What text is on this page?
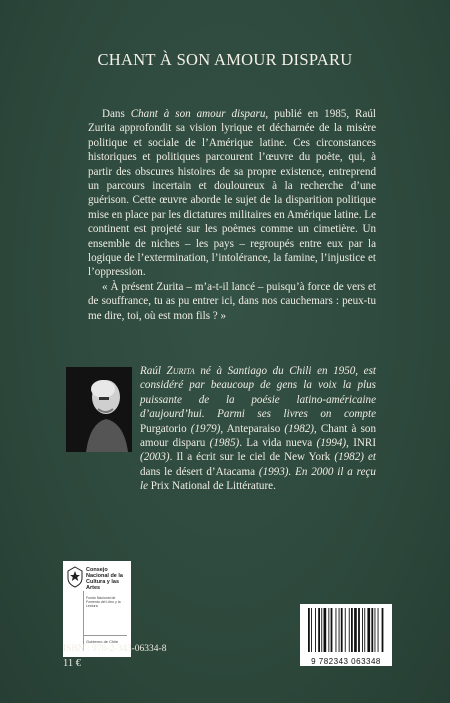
CHANT À SON AMOUR DISPARU

Dans Chant à son amour disparu, publié en 1985, Raúl Zurita approfondit sa vision lyrique et décharnée de la misère politique et sociale de l’Amérique latine. Ces circonstances historiques et politiques parcourent l’œuvre du poète, qui, à partir des obscures histoires de sa propre existence, entreprend un parcours incertain et douloureux à la recherche d’une guérison. Cette œuvre aborde le sujet de la disparition politique mise en place par les dictatures militaires en Amérique latine. Le continent est projeté sur les poèmes comme un cimetière. Un ensemble de niches – les pays – regroupés entre eux par la logique de l’extermination, l’intolérance, la famine, l’injustice et l’oppression.

« À présent Zurita – m’a-t-il lancé – puisqu’à force de vers et de souffrance, tu as pu entrer ici, dans nos cauchemars : peux-tu me dire, toi, où est mon fils ? »

Raúl Zurita né à Santiago du Chili en 1950, est considéré par beaucoup de gens la voix la plus puissante de la poésie latino-américaine d’aujourd’hui. Parmi ses livres on compte Purgatorio (1979), Anteparaiso (1982), Chant à son amour disparu (1985). La vida nueva (1994), INRI (2003). Il a écrit sur le ciel de New York (1982) et dans le désert d’Atacama (1993). En 2000 il a reçu le Prix National de Littérature.

Consejo Nacional de la Cultura y las Artes
Fondo Nacional de Fomento del Libro y la Lectura
Gobierno de Chile
ISBN : 978-2-343-06334-8
11 €	9 782343 063348
